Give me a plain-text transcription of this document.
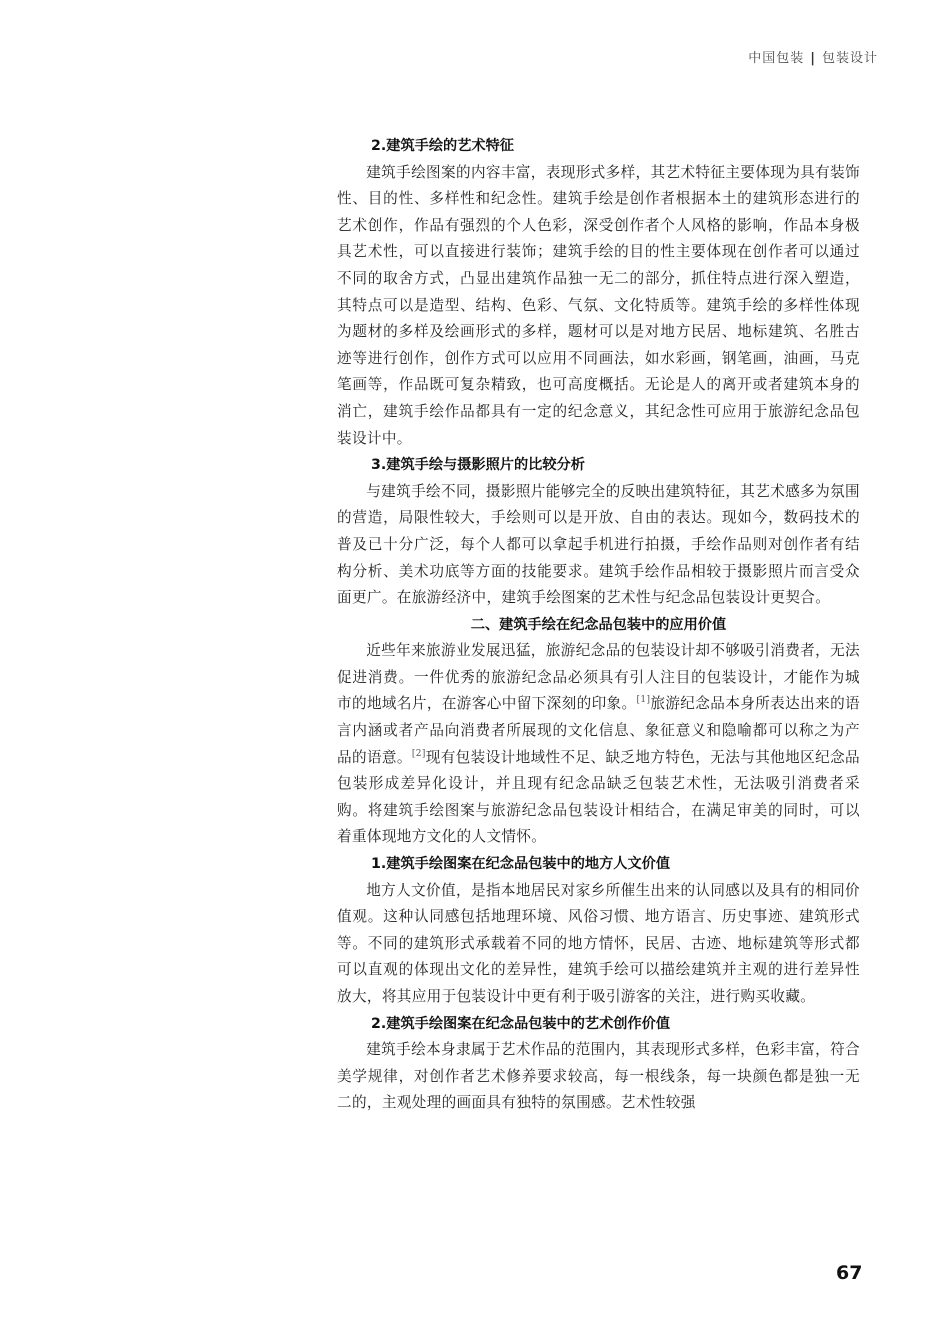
中国包装 | 包装设计

2.建筑手绘的艺术特征

建筑手绘图案的内容丰富，表现形式多样，其艺术特征主要体现为具有装饰性、目的性、多样性和纪念性。建筑手绘是创作者根据本土的建筑形态进行的艺术创作，作品有强烈的个人色彩，深受创作者个人风格的影响，作品本身极具艺术性，可以直接进行装饰；建筑手绘的目的性主要体现在创作者可以通过不同的取舍方式，凸显出建筑作品独一无二的部分，抓住特点进行深入塑造，其特点可以是造型、结构、色彩、气氛、文化特质等。建筑手绘的多样性体现为题材的多样及绘画形式的多样，题材可以是对地方民居、地标建筑、名胜古迹等进行创作，创作方式可以应用不同画法，如水彩画，钢笔画，油画，马克笔画等，作品既可复杂精致，也可高度概括。无论是人的离开或者建筑本身的消亡，建筑手绘作品都具有一定的纪念意义，其纪念性可应用于旅游纪念品包装设计中。

3.建筑手绘与摄影照片的比较分析

与建筑手绘不同，摄影照片能够完全的反映出建筑特征，其艺术感多为氛围的营造，局限性较大，手绘则可以是开放、自由的表达。现如今，数码技术的普及已十分广泛，每个人都可以拿起手机进行拍摄，手绘作品则对创作者有结构分析、美术功底等方面的技能要求。建筑手绘作品相较于摄影照片而言受众面更广。在旅游经济中，建筑手绘图案的艺术性与纪念品包装设计更契合。

二、建筑手绘在纪念品包装中的应用价值

近些年来旅游业发展迅猛，旅游纪念品的包装设计却不够吸引消费者，无法促进消费。一件优秀的旅游纪念品必须具有引人注目的包装设计，才能作为城市的地域名片，在游客心中留下深刻的印象。[1]旅游纪念品本身所表达出来的语言内涵或者产品向消费者所展现的文化信息、象征意义和隐喻都可以称之为产品的语意。[2]现有包装设计地域性不足、缺乏地方特色，无法与其他地区纪念品包装形成差异化设计，并且现有纪念品缺乏包装艺术性，无法吸引消费者采购。将建筑手绘图案与旅游纪念品包装设计相结合，在满足审美的同时，可以着重体现地方文化的人文情怀。

1.建筑手绘图案在纪念品包装中的地方人文价值

地方人文价值，是指本地居民对家乡所催生出来的认同感以及具有的相同价值观。这种认同感包括地理环境、风俗习惯、地方语言、历史事迹、建筑形式等。不同的建筑形式承载着不同的地方情怀，民居、古迹、地标建筑等形式都可以直观的体现出文化的差异性，建筑手绘可以描绘建筑并主观的进行差异性放大，将其应用于包装设计中更有利于吸引游客的关注，进行购买收藏。

2.建筑手绘图案在纪念品包装中的艺术创作价值

建筑手绘本身隶属于艺术作品的范围内，其表现形式多样，色彩丰富，符合美学规律，对创作者艺术修养要求较高，每一根线条，每一块颜色都是独一无二的，主观处理的画面具有独特的氛围感。艺术性较强

67
